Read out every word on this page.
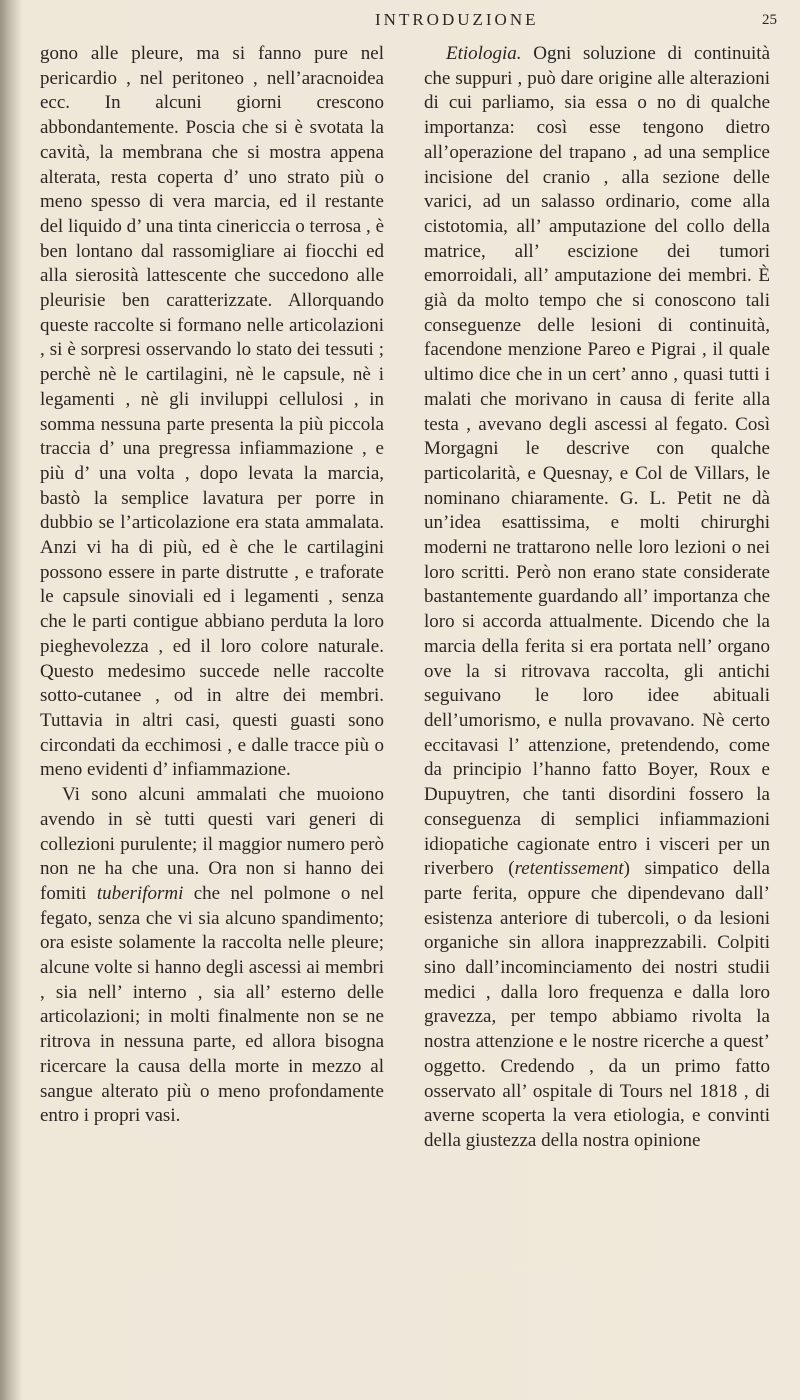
INTRODUZIONE	25

gono alle pleure, ma si fanno pure nel pericardio , nel peritoneo , nell’aracnoidea ecc. In alcuni giorni crescono abbondantemente. Poscia che si è svotata la cavità, la membrana che si mostra appena alterata, resta coperta d’ uno strato più o meno spesso di vera marcia, ed il restante del liquido d’ una tinta cinericcia o terrosa , è ben lontano dal rassomigliare ai fiocchi ed alla sierosità lattescente che succedono alle pleurisie ben caratterizzate. Allorquando queste raccolte si formano nelle articolazioni , si è sorpresi osservando lo stato dei tessuti ; perchè nè le cartilagini, nè le capsule, nè i legamenti , nè gli inviluppi cellulosi , in somma nessuna parte presenta la più piccola traccia d’ una pregressa infiammazione , e più d’ una volta , dopo levata la marcia, bastò la semplice lavatura per porre in dubbio se l’articolazione era stata ammalata. Anzi vi ha di più, ed è che le cartilagini possono essere in parte distrutte , e traforate le capsule sinoviali ed i legamenti , senza che le parti contigue abbiano perduta la loro pieghevolezza , ed il loro colore naturale. Questo medesimo succede nelle raccolte sotto-cutanee , od in altre dei membri. Tuttavia in altri casi, questi guasti sono circondati da ecchimosi , e dalle tracce più o meno evidenti d’ infiammazione.

Vi sono alcuni ammalati che muoiono avendo in sè tutti questi vari generi di collezioni purulente; il maggior numero però non ne ha che una. Ora non si hanno dei fomiti tuberiformi che nel polmone o nel fegato, senza che vi sia alcuno spandimento; ora esiste solamente la raccolta nelle pleure; alcune volte si hanno degli ascessi ai membri , sia nell’ interno , sia all’ esterno delle articolazioni; in molti finalmente non se ne ritrova in nessuna parte, ed allora bisogna ricercare la causa della morte in mezzo al sangue alterato più o meno profondamente entro i propri vasi.

Etiologia. Ogni soluzione di continuità che suppuri , può dare origine alle alterazioni di cui parliamo, sia essa o no di qualche importanza: così esse tengono dietro all’operazione del trapano , ad una semplice incisione del cranio , alla sezione delle varici, ad un salasso ordinario, come alla cistotomia, all’ amputazione del collo della matrice, all’ escizione dei tumori emorroidali, all’ amputazione dei membri. È già da molto tempo che si conoscono tali conseguenze delle lesioni di continuità, facendone menzione Pareo e Pigrai , il quale ultimo dice che in un cert’ anno , quasi tutti i malati che morivano in causa di ferite alla testa , avevano degli ascessi al fegato. Così Morgagni le descrive con qualche particolarità, e Quesnay, e Col de Villars, le nominano chiaramente. G. L. Petit ne dà un’idea esattissima, e molti chirurghi moderni ne trattarono nelle loro lezioni o nei loro scritti. Però non erano state considerate bastantemente guardando all’ importanza che loro si accorda attualmente. Dicendo che la marcia della ferita si era portata nell’ organo ove la si ritrovava raccolta, gli antichi seguivano le loro idee abituali dell’umorismo, e nulla provavano. Nè certo eccitavasi l’ attenzione, pretendendo, come da principio l’hanno fatto Boyer, Roux e Dupuytren, che tanti disordini fossero la conseguenza di semplici infiammazioni idiopatiche cagionate entro i visceri per un riverbero (retentissement) simpatico della parte ferita, oppure che dipendevano dall’ esistenza anteriore di tubercoli, o da lesioni organiche sin allora inapprezzabili. Colpiti sino dall’incominciamento dei nostri studii medici , dalla loro frequenza e dalla loro gravezza, per tempo abbiamo rivolta la nostra attenzione e le nostre ricerche a quest’ oggetto. Credendo , da un primo fatto osservato all’ ospitale di Tours nel 1818 , di averne scoperta la vera etiologia, e convinti della giustezza della nostra opinione
